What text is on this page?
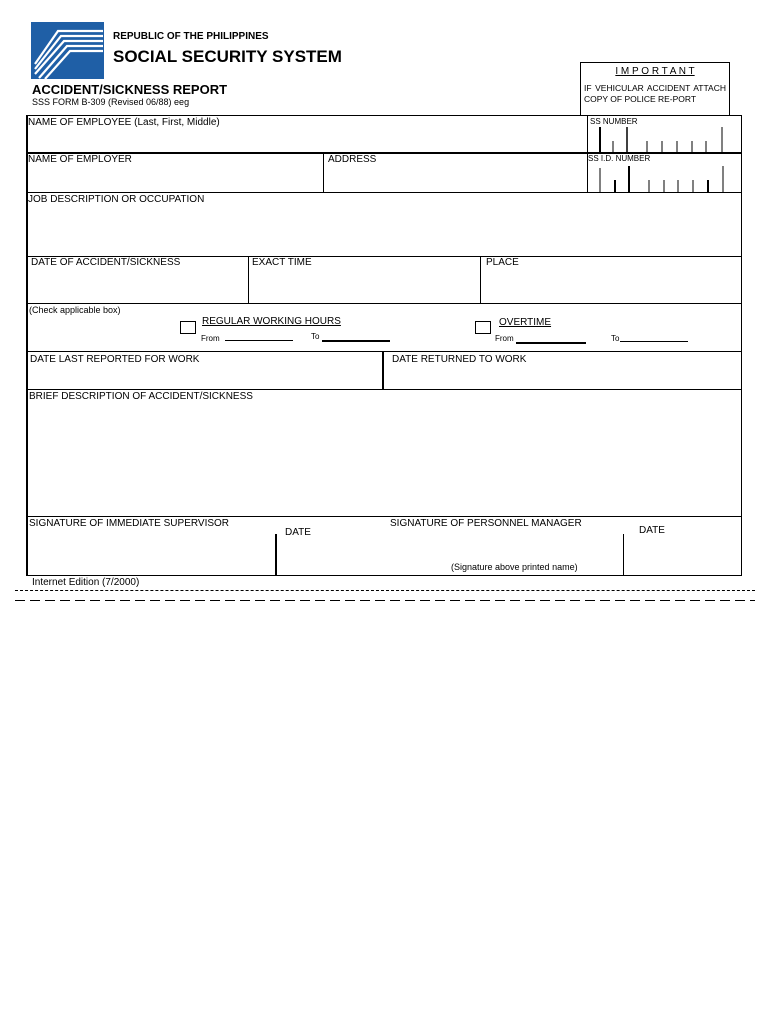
REPUBLIC OF THE PHILIPPINES
SOCIAL SECURITY SYSTEM
ACCIDENT/SICKNESS REPORT
SSS FORM B-309 (Revised 06/88) eeg
I M P O R T A N T
IF VEHICULAR ACCIDENT ATTACH COPY OF POLICE RE-PORT
NAME OF EMPLOYEE (Last, First, Middle)	SS NUMBER
NAME OF EMPLOYER	ADDRESS	SS I.D. NUMBER
JOB DESCRIPTION OR OCCUPATION
DATE OF ACCIDENT/SICKNESS	EXACT TIME	PLACE
(Check applicable box)
REGULAR WORKING HOURS
From	To
OVERTIME
From	To
DATE LAST REPORTED FOR WORK	DATE RETURNED TO WORK
BRIEF DESCRIPTION OF ACCIDENT/SICKNESS
SIGNATURE OF IMMEDIATE SUPERVISOR
DATE
SIGNATURE OF PERSONNEL MANAGER
DATE
(Signature above printed name)
Internet Edition (7/2000)
